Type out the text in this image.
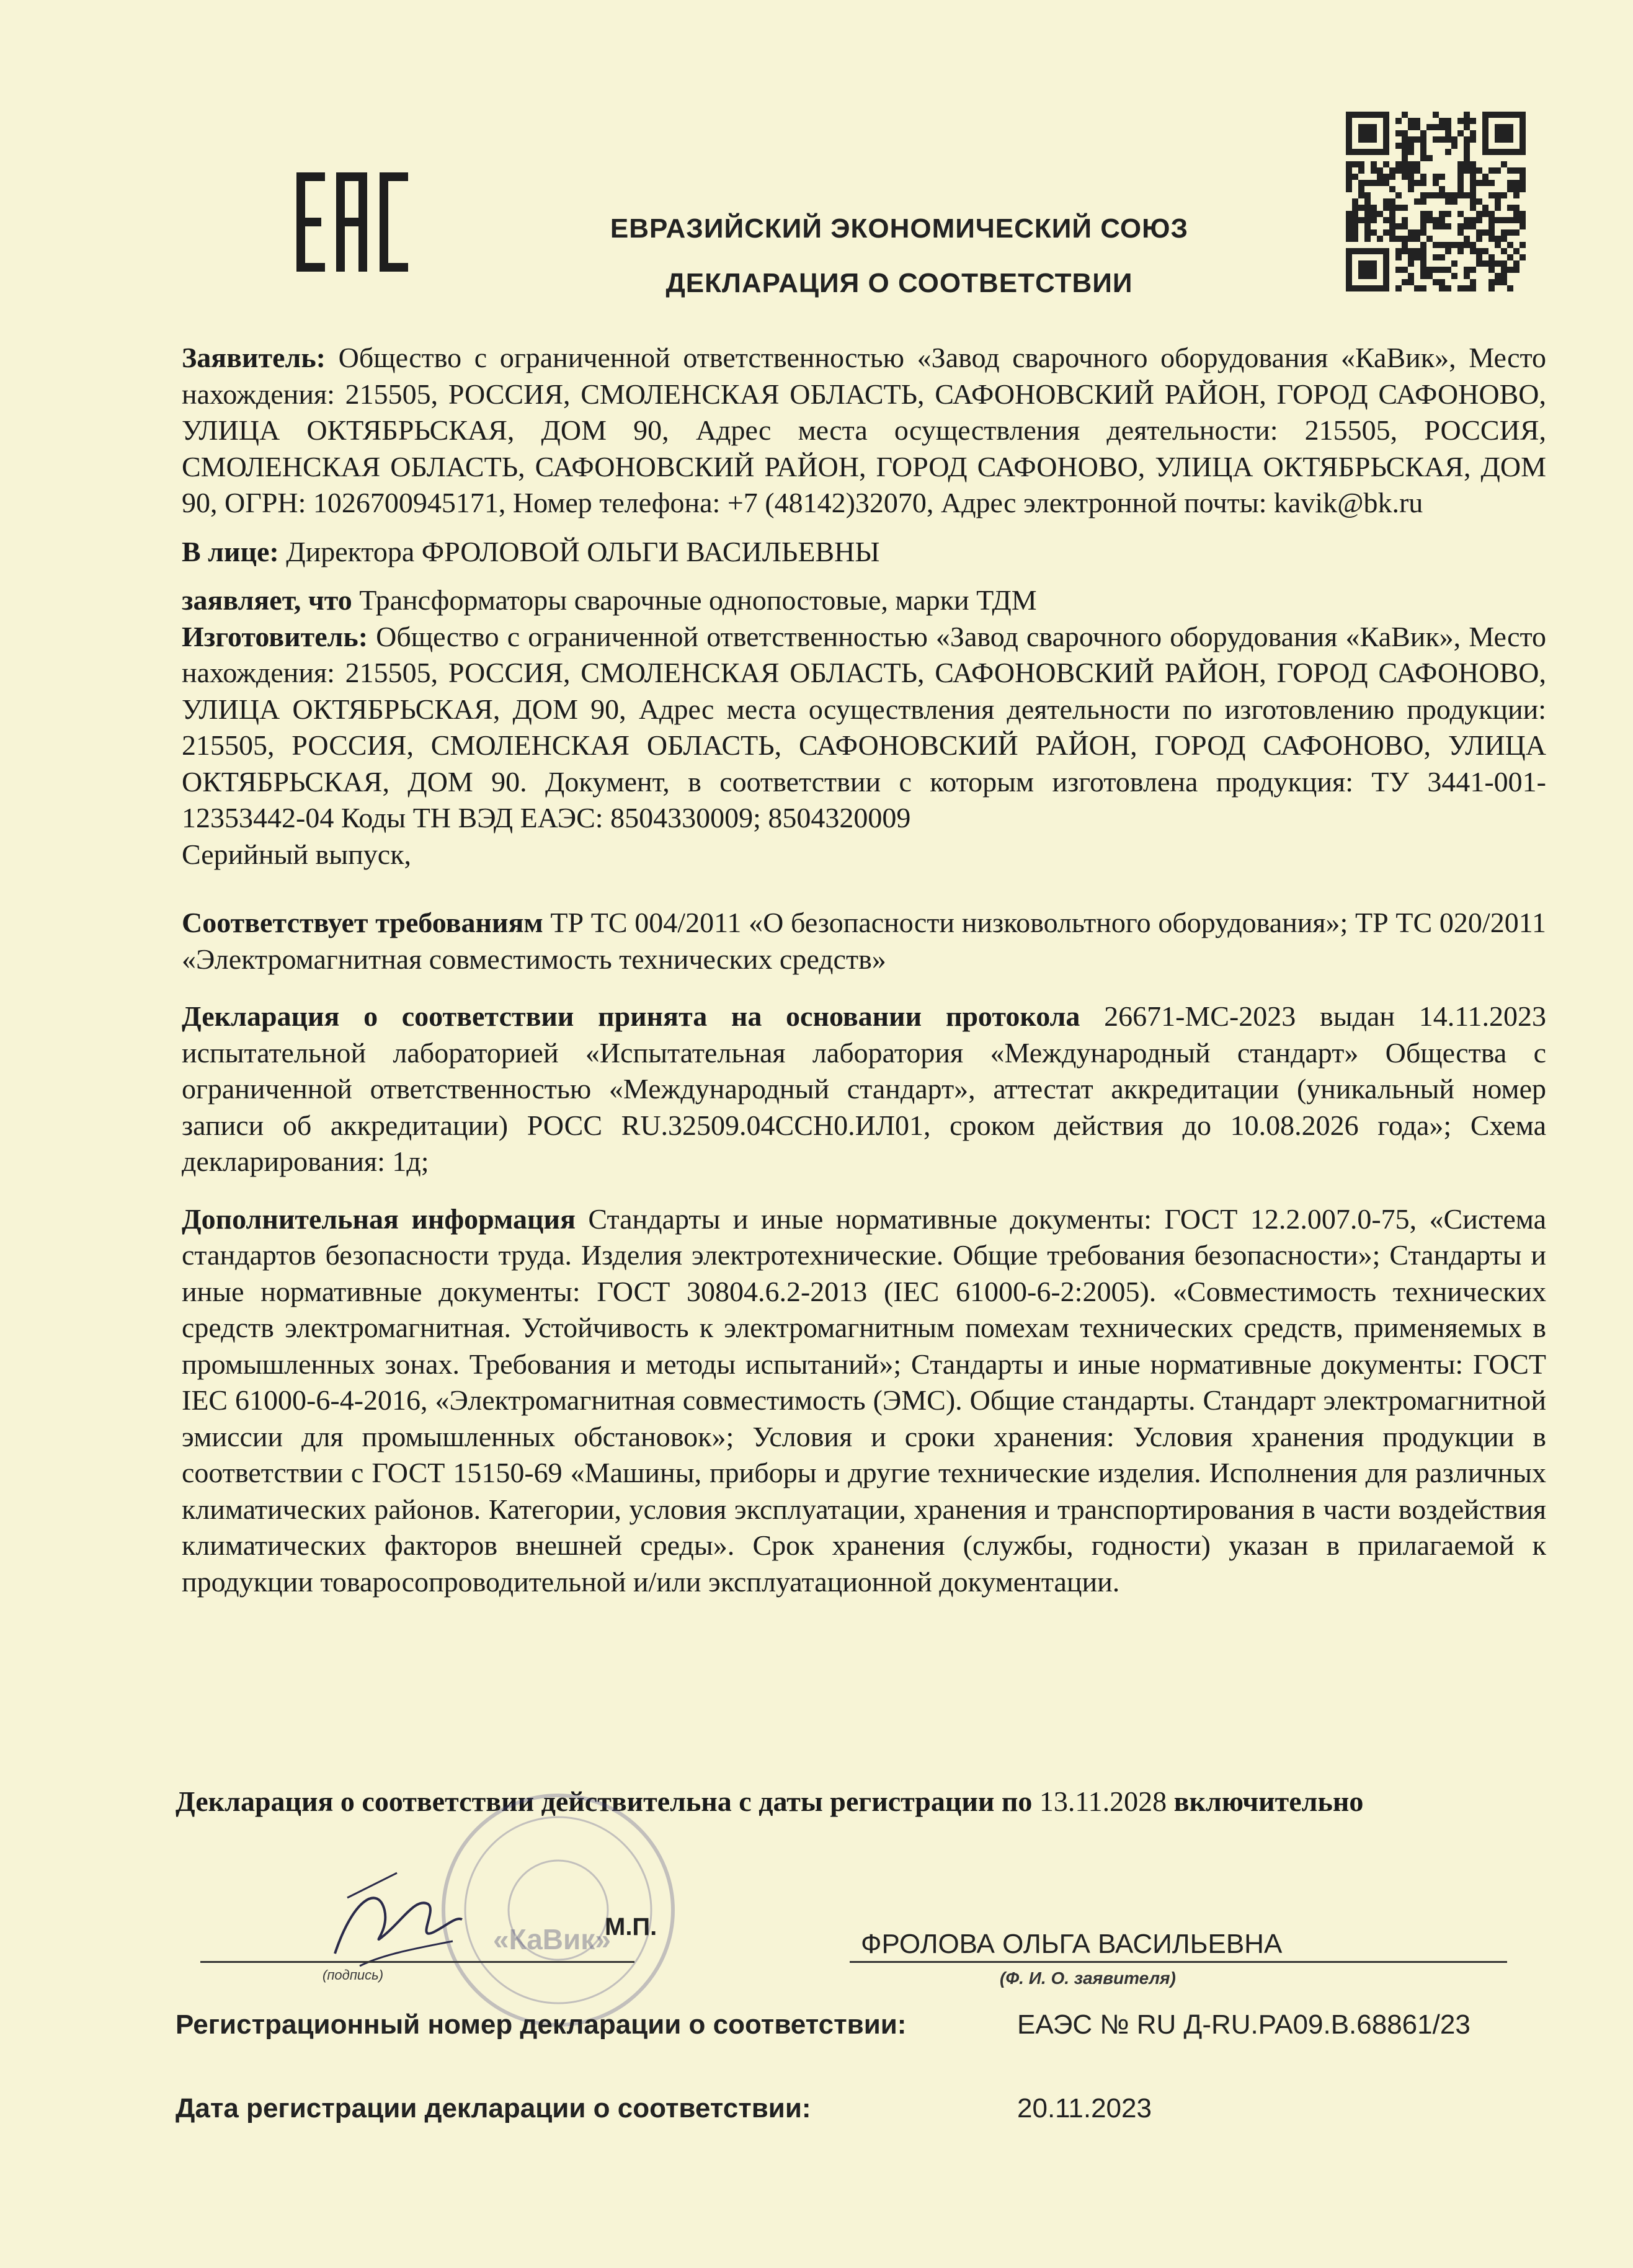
ЕВРАЗИЙСКИЙ ЭКОНОМИЧЕСКИЙ СОЮЗ
ДЕКЛАРАЦИЯ О СООТВЕТСТВИИ

Заявитель: Общество с ограниченной ответственностью «Завод сварочного оборудования «КаВик», Место нахождения: 215505, РОССИЯ, СМОЛЕНСКАЯ ОБЛАСТЬ, САФОНОВСКИЙ РАЙОН, ГОРОД САФОНОВО, УЛИЦА ОКТЯБРЬСКАЯ, ДОМ 90, Адрес места осуществления деятельности: 215505, РОССИЯ, СМОЛЕНСКАЯ ОБЛАСТЬ, САФОНОВСКИЙ РАЙОН, ГОРОД САФОНОВО, УЛИЦА ОКТЯБРЬСКАЯ, ДОМ 90, ОГРН: 1026700945171, Номер телефона: +7 (48142)32070, Адрес электронной почты: kavik@bk.ru

В лице: Директора ФРОЛОВОЙ ОЛЬГИ ВАСИЛЬЕВНЫ

заявляет, что Трансформаторы сварочные однопостовые, марки ТДМ

Изготовитель: Общество с ограниченной ответственностью «Завод сварочного оборудования «КаВик», Место нахождения: 215505, РОССИЯ, СМОЛЕНСКАЯ ОБЛАСТЬ, САФОНОВСКИЙ РАЙОН, ГОРОД САФОНОВО, УЛИЦА ОКТЯБРЬСКАЯ, ДОМ 90, Адрес места осуществления деятельности по изготовлению продукции: 215505, РОССИЯ, СМОЛЕНСКАЯ ОБЛАСТЬ, САФОНОВСКИЙ РАЙОН, ГОРОД САФОНОВО, УЛИЦА ОКТЯБРЬСКАЯ, ДОМ 90. Документ, в соответствии с которым изготовлена продукция: ТУ 3441-001-12353442-04 Коды ТН ВЭД ЕАЭС: 8504330009; 8504320009

Серийный выпуск,

Соответствует требованиям ТР ТС 004/2011 «О безопасности низковольтного оборудования»; ТР ТС 020/2011 «Электромагнитная совместимость технических средств»

Декларация о соответствии принята на основании протокола 26671-МС-2023 выдан 14.11.2023 испытательной лабораторией «Испытательная лаборатория «Международный стандарт» Общества с ограниченной ответственностью «Международный стандарт», аттестат аккредитации (уникальный номер записи об аккредитации) РОСС RU.32509.04ССН0.ИЛ01, сроком действия до 10.08.2026 года»; Схема декларирования: 1д;

Дополнительная информация Стандарты и иные нормативные документы: ГОСТ 12.2.007.0-75, «Система стандартов безопасности труда. Изделия электротехнические. Общие требования безопасности»; Стандарты и иные нормативные документы: ГОСТ 30804.6.2-2013 (IEC 61000-6-2:2005). «Совместимость технических средств электромагнитная. Устойчивость к электромагнитным помехам технических средств, применяемых в промышленных зонах. Требования и методы испытаний»; Стандарты и иные нормативные документы: ГОСТ IEC 61000-6-4-2016, «Электромагнитная совместимость (ЭМС). Общие стандарты. Стандарт электромагнитной эмиссии для промышленных обстановок»; Условия и сроки хранения: Условия хранения продукции в соответствии с ГОСТ 15150-69 «Машины, приборы и другие технические изделия. Исполнения для различных климатических районов. Категории, условия эксплуатации, хранения и транспортирования в части воздействия климатических факторов внешней среды». Срок хранения (службы, годности) указан в прилагаемой к продукции товаросопроводительной и/или эксплуатационной документации.

Декларация о соответствии действительна с даты регистрации по 13.11.2028 включительно
«КаВик»
(подпись)
М.П.
ФРОЛОВА ОЛЬГА ВАСИЛЬЕВНА
(Ф. И. О. заявителя)
Регистрационный номер декларации о соответствии:	ЕАЭС № RU Д-RU.РА09.В.68861/23
Дата регистрации декларации о соответствии:	20.11.2023
